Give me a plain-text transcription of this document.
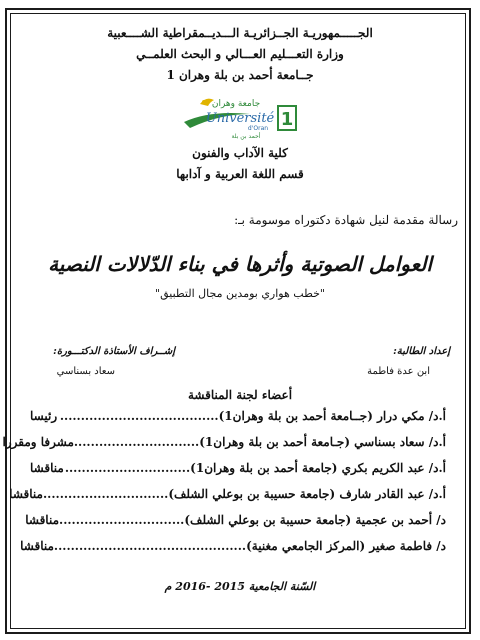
الجـــــمهوريـة الجــزائريـة الـــديــمقراطية الشــــعبية
وزارة التعـــليم العـــالي و البحث العلمــي
جــامعة أحمد بن بلة وهران 1
جامعة وهران
Université
d'Oran
أحمد بن بلة
1
كلية الآداب والفنون
قسم اللغة العربية و آدابها
رسالة مقدمة لنيل شهادة دكتوراه موسومة بـ:
العوامل الصوتية وأثرها في بناء الدّلالات النصية
"خطب هواري بومدين مجال التطبيق"
إعداد الطالبة:
ابن عدة فاطمة
إشــراف الأستاذة الدكتـــورة:
سعاد بسناسي
أعضاء لجنة المناقشة
أ.د/ مكي درار (جــامعة أحمد بن بلة وهران1)
......................................
رئيسا
أ.د/ سعاد بسناسي (جـامعة أحمد بن بلة وهران1)
..............................
مشرفا ومقررا
أ.د/ عبد الكريم بكري (جامعة أحمد بن بلة وهران1)
..............................
مناقشا
أ.د/ عبد القادر شارف (جامعة حسيبة بن بوعلي الشلف)
..............................
مناقشا
د/ أحمد بن عجمية (جامعة حسيبة بن بوعلي الشلف)
..............................
مناقشا
د/ فاطمة صغير (المركز الجامعي مغنية)
..............................................
مناقشا
السّنة الجامعية 2015 -2016 م
